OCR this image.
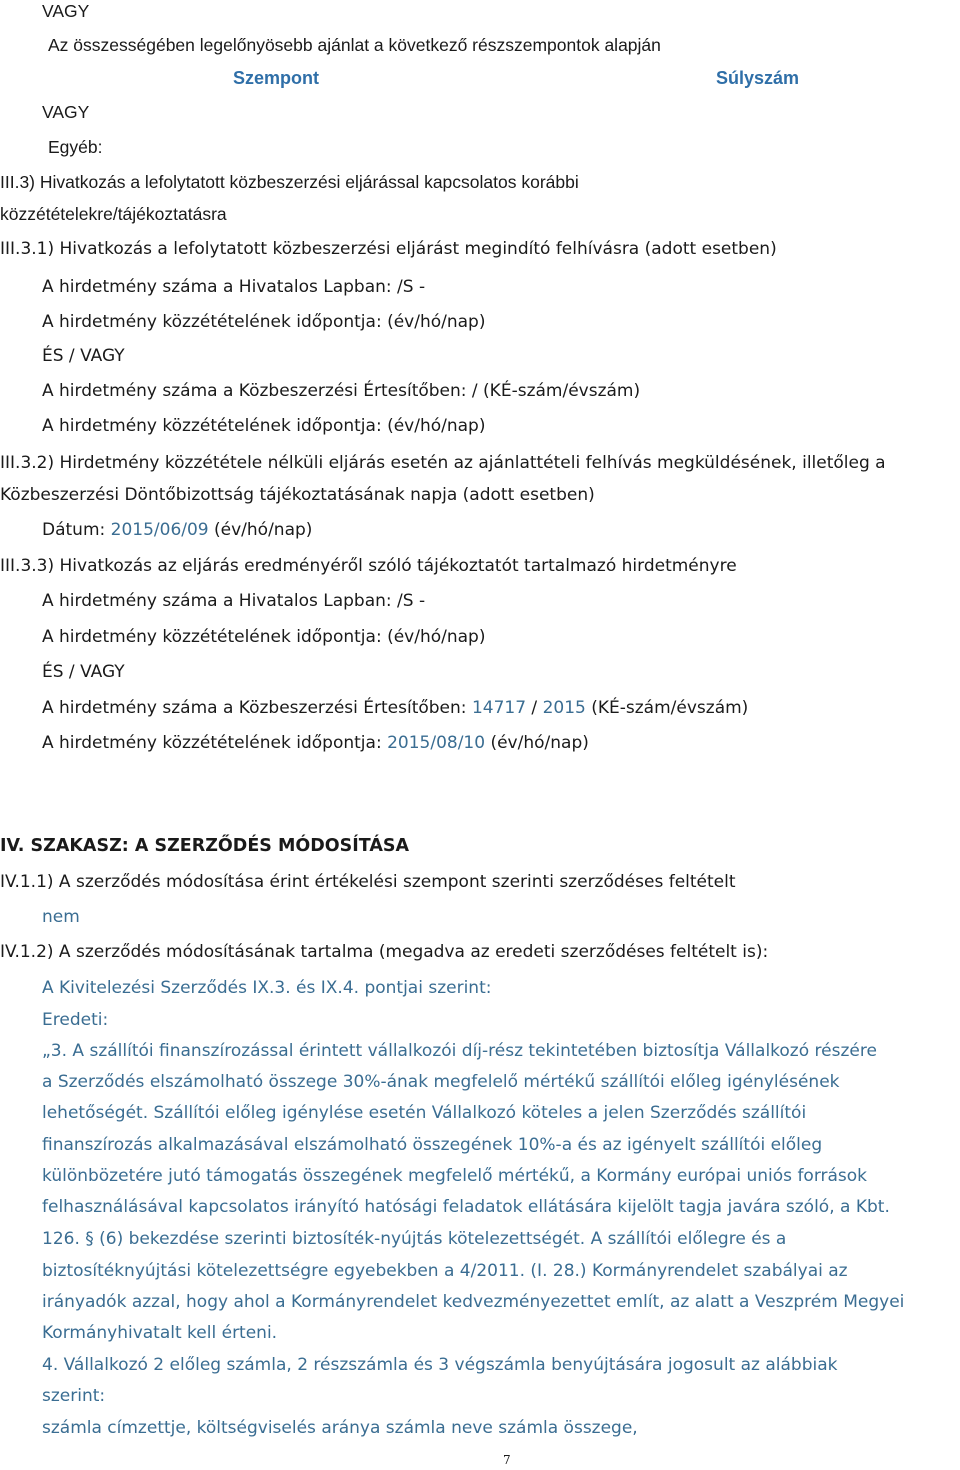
VAGY
Az összességében legelőnyösebb ajánlat a következő részszempontok alapján
Szempont	Súlyszám
VAGY
Egyéb:
III.3) Hivatkozás a lefolytatott közbeszerzési eljárással kapcsolatos korábbi
közzétételekre/tájékoztatásra
III.3.1) Hivatkozás a lefolytatott közbeszerzési eljárást megindító felhívásra (adott esetben)
A hirdetmény száma a Hivatalos Lapban: /S -
A hirdetmény közzétételének időpontja: (év/hó/nap)
ÉS / VAGY
A hirdetmény száma a Közbeszerzési Értesítőben: / (KÉ-szám/évszám)
A hirdetmény közzétételének időpontja: (év/hó/nap)
III.3.2) Hirdetmény közzététele nélküli eljárás esetén az ajánlattételi felhívás megküldésének, illetőleg a
Közbeszerzési Döntőbizottság tájékoztatásának napja (adott esetben)
Dátum: 2015/06/09 (év/hó/nap)
III.3.3) Hivatkozás az eljárás eredményéről szóló tájékoztatót tartalmazó hirdetményre
A hirdetmény száma a Hivatalos Lapban: /S -
A hirdetmény közzétételének időpontja: (év/hó/nap)
ÉS / VAGY
A hirdetmény száma a Közbeszerzési Értesítőben: 14717 / 2015 (KÉ-szám/évszám)
A hirdetmény közzétételének időpontja: 2015/08/10 (év/hó/nap)
IV. SZAKASZ: A SZERZŐDÉS MÓDOSÍTÁSA
IV.1.1) A szerződés módosítása érint értékelési szempont szerinti szerződéses feltételt
nem
IV.1.2) A szerződés módosításának tartalma (megadva az eredeti szerződéses feltételt is):
A Kivitelezési Szerződés IX.3. és IX.4. pontjai szerint:
Eredeti:
„3. A szállítói finanszírozással érintett vállalkozói díj-rész tekintetében biztosítja Vállalkozó részére
a Szerződés elszámolható összege 30%-ának megfelelő mértékű szállítói előleg igénylésének
lehetőségét. Szállítói előleg igénylése esetén Vállalkozó köteles a jelen Szerződés szállítói
finanszírozás alkalmazásával elszámolható összegének 10%-a és az igényelt szállítói előleg
különbözetére jutó támogatás összegének megfelelő mértékű, a Kormány európai uniós források
felhasználásával kapcsolatos irányító hatósági feladatok ellátására kijelölt tagja javára szóló, a Kbt.
126. § (6) bekezdése szerinti biztosíték-nyújtás kötelezettségét. A szállítói előlegre és a
biztosítéknyújtási kötelezettségre egyebekben a 4/2011. (I. 28.) Kormányrendelet szabályai az
irányadók azzal, hogy ahol a Kormányrendelet kedvezményezettet említ, az alatt a Veszprém Megyei
Kormányhivatalt kell érteni.
4. Vállalkozó 2 előleg számla, 2 részszámla és 3 végszámla benyújtására jogosult az alábbiak
szerint:
számla címzettje, költségviselés aránya számla neve számla összege,
7
